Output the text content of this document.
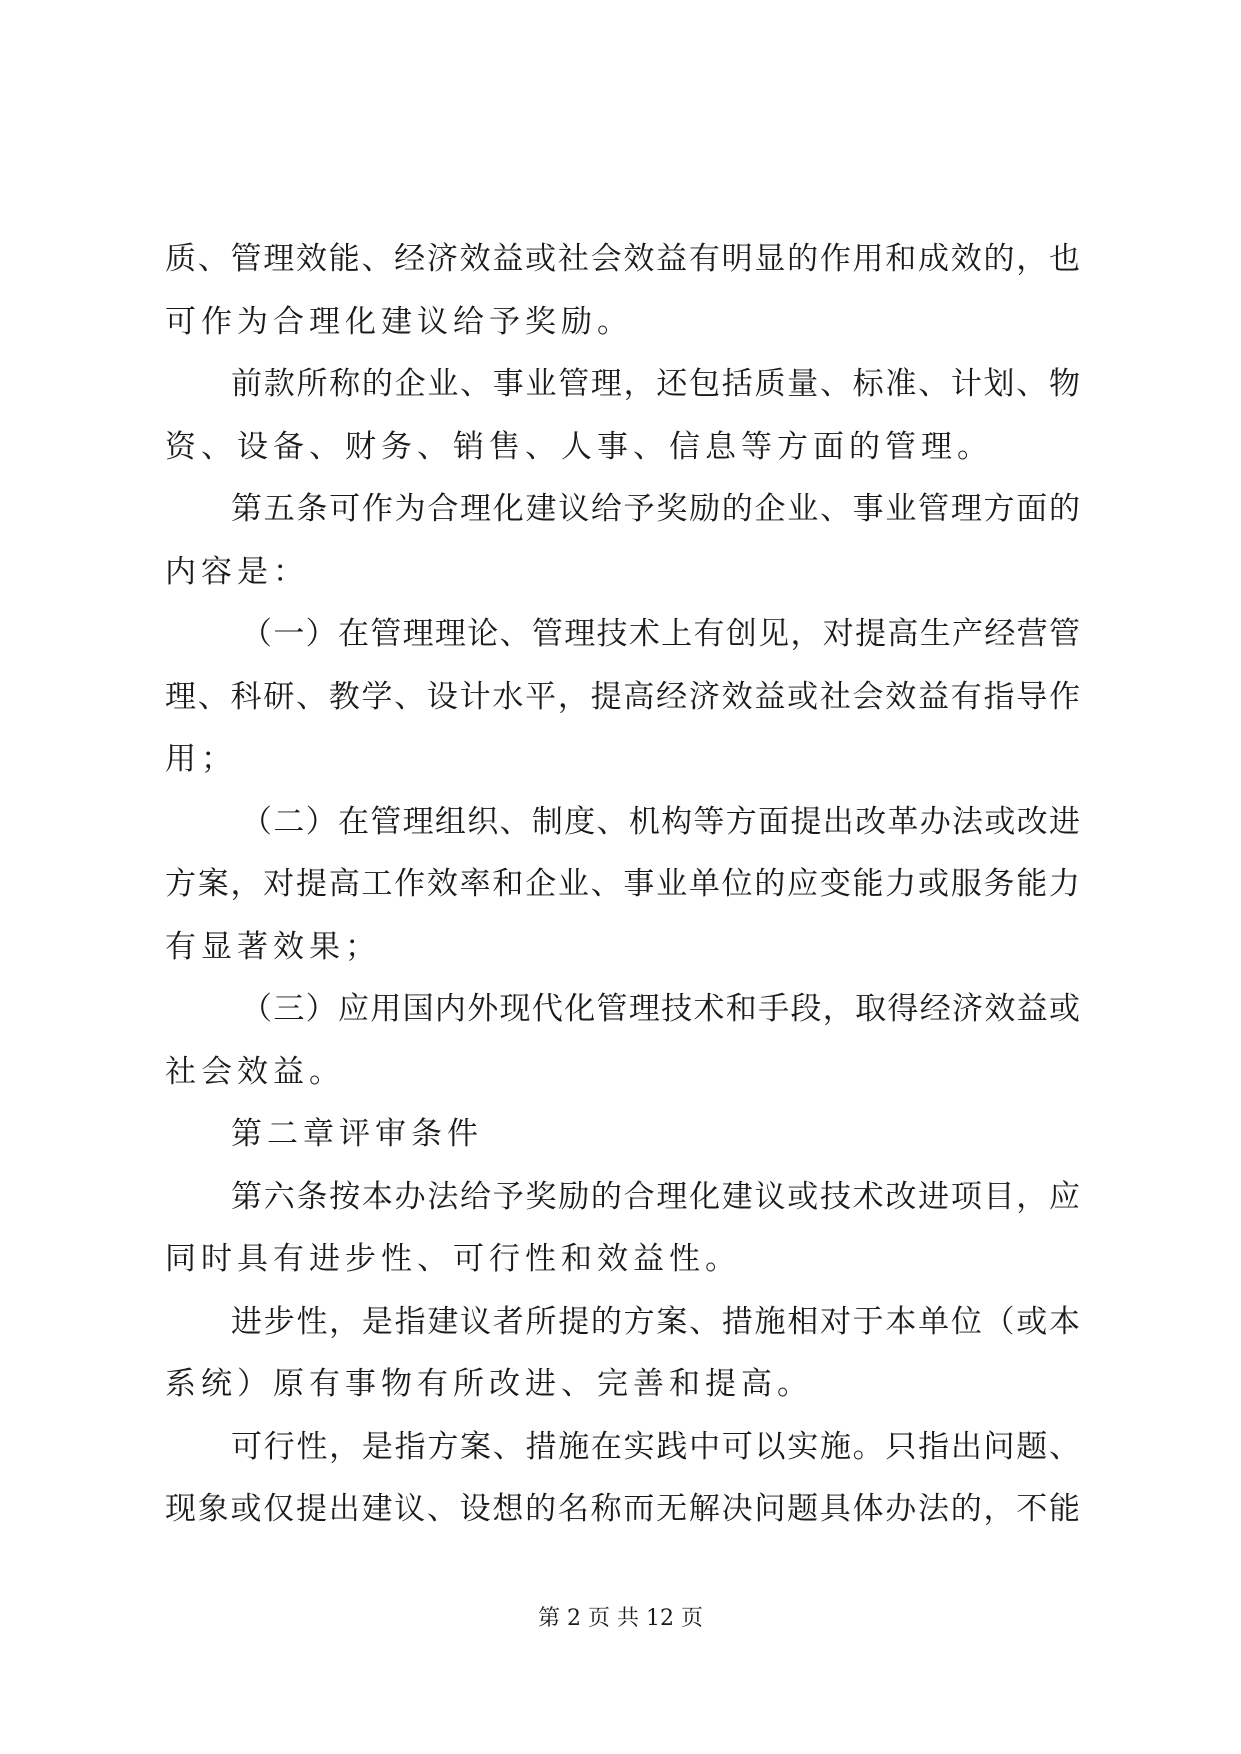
质、管理效能、经济效益或社会效益有明显的作用和成效的，也
可作为合理化建议给予奖励。
前款所称的企业、事业管理，还包括质量、标准、计划、物
资、设备、财务、销售、人事、信息等方面的管理。
第五条可作为合理化建议给予奖励的企业、事业管理方面的
内容是：
（一）在管理理论、管理技术上有创见，对提高生产经营管
理、科研、教学、设计水平，提高经济效益或社会效益有指导作
用；
（二）在管理组织、制度、机构等方面提出改革办法或改进
方案，对提高工作效率和企业、事业单位的应变能力或服务能力
有显著效果；
（三）应用国内外现代化管理技术和手段，取得经济效益或
社会效益。
第二章评审条件
第六条按本办法给予奖励的合理化建议或技术改进项目，应
同时具有进步性、可行性和效益性。
进步性，是指建议者所提的方案、措施相对于本单位（或本
系统）原有事物有所改进、完善和提高。
可行性，是指方案、措施在实践中可以实施。只指出问题、
现象或仅提出建议、设想的名称而无解决问题具体办法的，不能
第 2 页 共 12 页
